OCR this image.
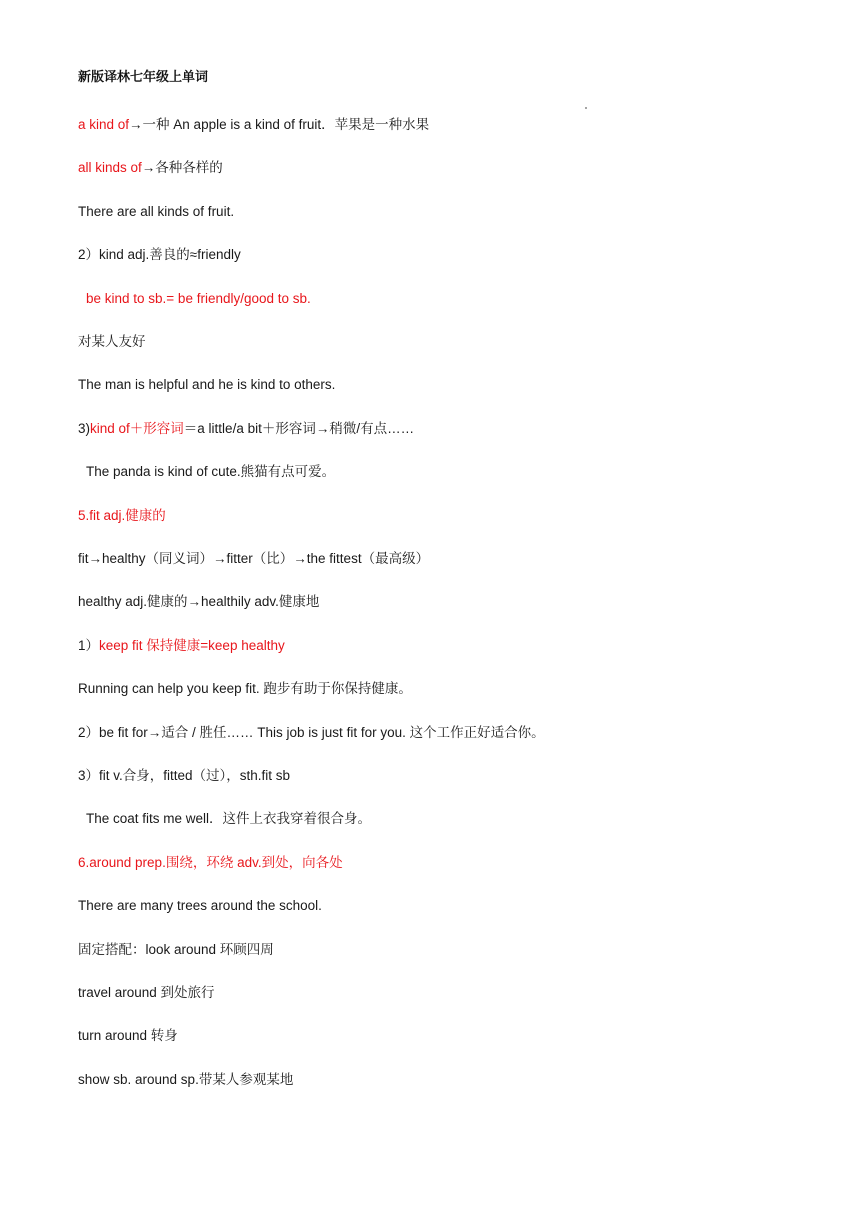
新版译林七年级上单词
a kind of→一种 An apple is a kind of fruit．苹果是一种水果
all kinds of→各种各样的
There are all kinds of fruit.
2）kind adj.善良的≈friendly
be kind to sb.= be friendly/good to sb.
对某人友好
The man is helpful and he is kind to others.
3)kind of＋形容词＝a little/a bit＋形容词→稍微/有点……
The panda is kind of cute.熊猫有点可爱。
5.fit adj.健康的
fit→healthy（同义词）→fitter（比）→the fittest（最高级）
healthy adj.健康的→healthily adv.健康地
1）keep fit 保持健康=keep healthy
Running can help you keep fit. 跑步有助于你保持健康。
2）be fit for→适合 / 胜任…… This job is just fit for you. 这个工作正好适合你。
3）fit v.合身，fitted（过），sth.fit sb
The coat fits me well．这件上衣我穿着很合身。
6.around prep.围绕，环绕 adv.到处，向各处
There are many trees around the school.
固定搭配：look around 环顾四周
travel around 到处旅行
turn around 转身
show sb. around sp.带某人参观某地
